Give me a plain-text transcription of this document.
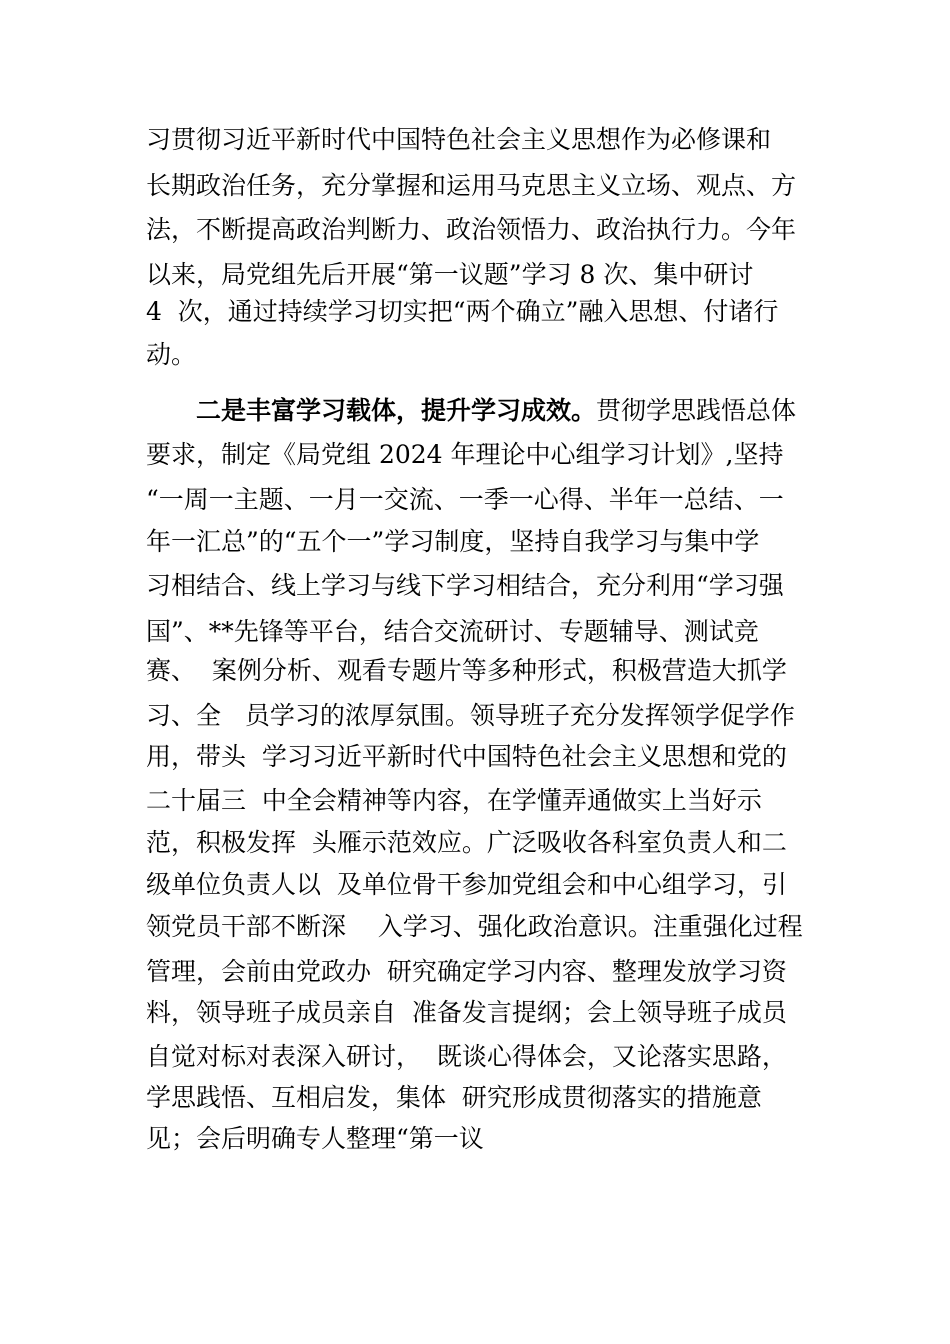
习贯彻习近平新时代中国特色社会主义思想作为必修课和
长期政治任务，充分掌握和运用马克思主义立场、观点、方
法，不断提高政治判断力、政治领悟力、政治执行力。今年
以来，局党组先后开展“第一议题”学习 8 次、集中研讨
4  次，通过持续学习切实把“两个确立”融入思想、付诸行
动。
二是丰富学习载体，提升学习成效。贯彻学思践悟总体
要求，制定《局党组 2024 年理论中心组学习计划》,坚持
“一周一主题、一月一交流、一季一心得、半年一总结、一
年一汇总”的“五个一”学习制度，坚持自我学习与集中学
习相结合、线上学习与线下学习相结合，充分利用“学习强
国”、**先锋等平台，结合交流研讨、专题辅导、测试竞
赛、  案例分析、观看专题片等多种形式，积极营造大抓学
习、全   员学习的浓厚氛围。领导班子充分发挥领学促学作
用，带头  学习习近平新时代中国特色社会主义思想和党的
二十届三  中全会精神等内容，在学懂弄通做实上当好示
范，积极发挥  头雁示范效应。广泛吸收各科室负责人和二
级单位负责人以  及单位骨干参加党组会和中心组学习，引
领党员干部不断深    入学习、强化政治意识。注重强化过程
管理，会前由党政办  研究确定学习内容、整理发放学习资
料，领导班子成员亲自  准备发言提纲；会上领导班子成员
自觉对标对表深入研讨，  既谈心得体会，又论落实思路，
学思践悟、互相启发，集体  研究形成贯彻落实的措施意
见；会后明确专人整理“第一议
